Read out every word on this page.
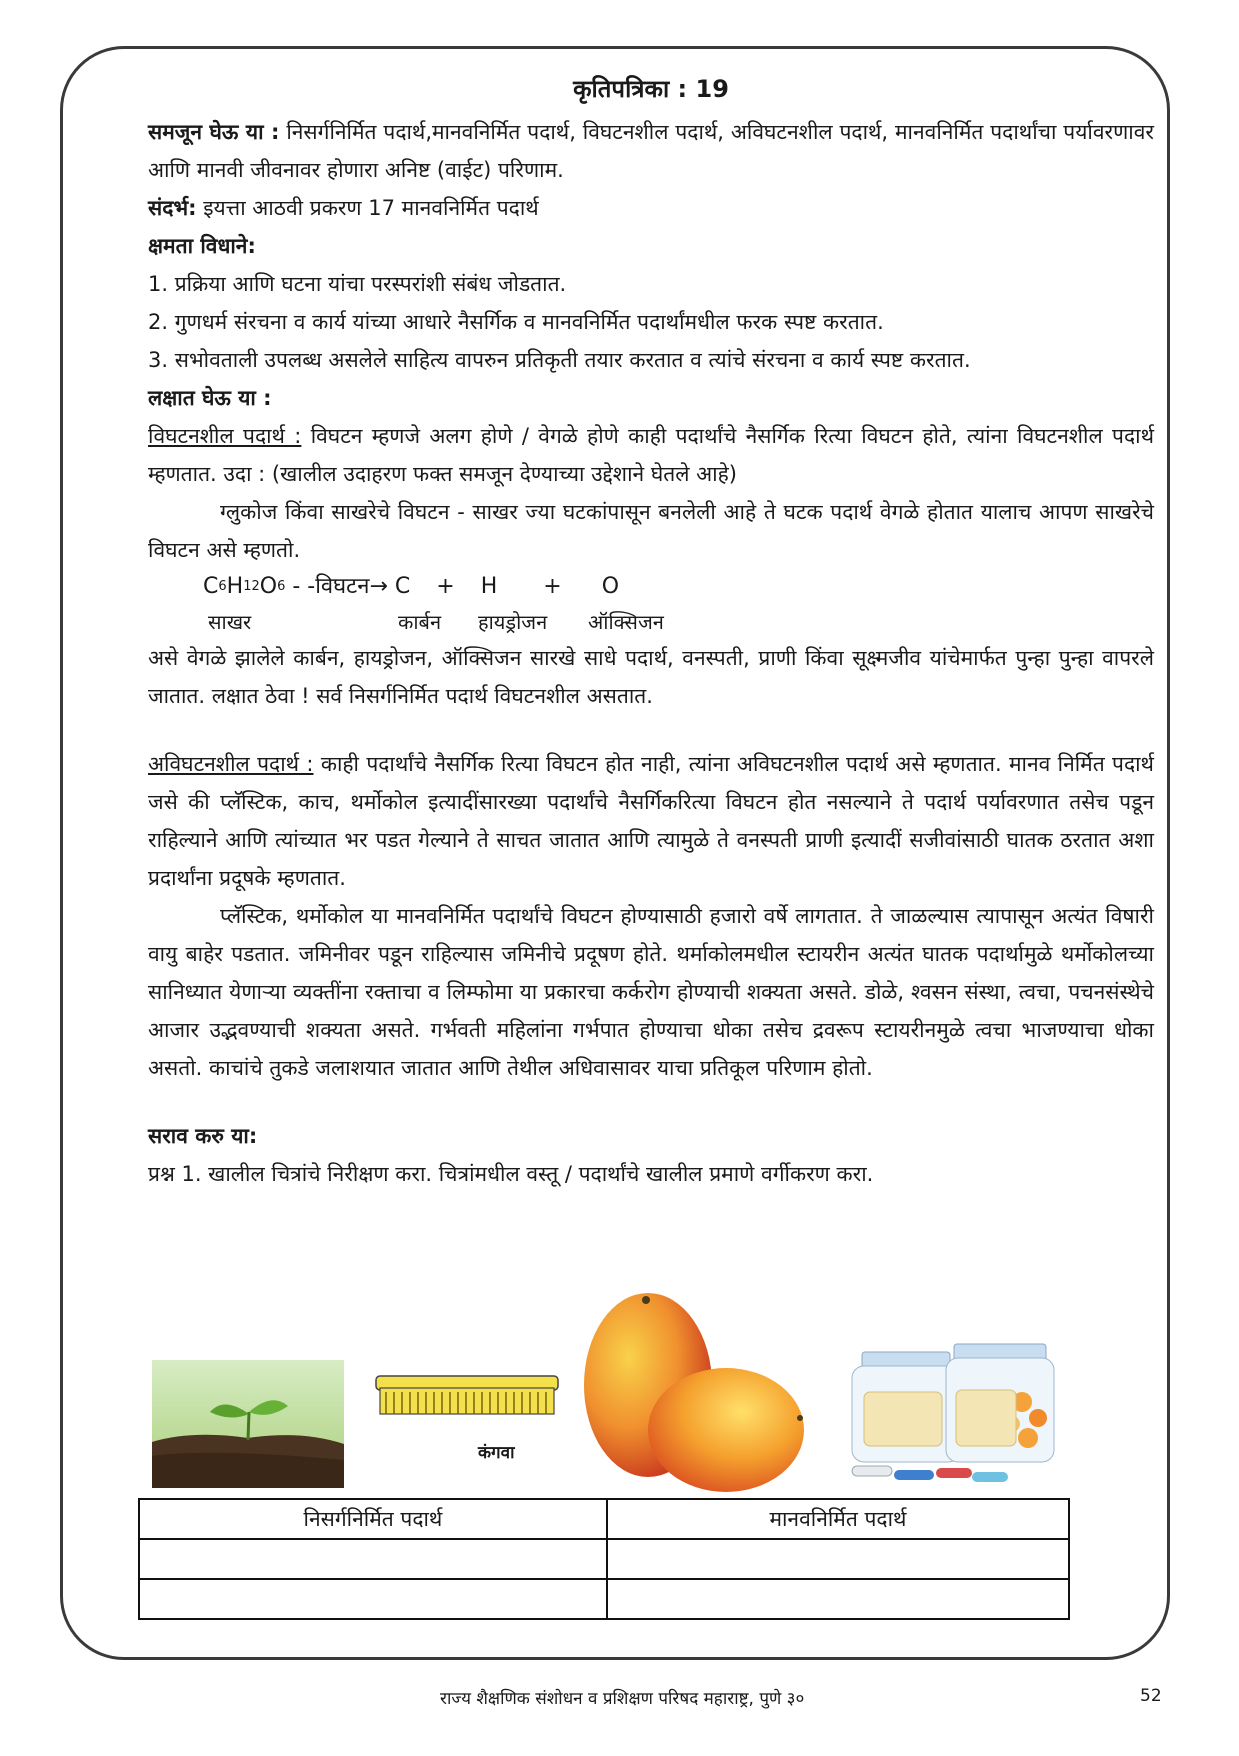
कृतिपत्रिका : 19

समजून घेऊ या : निसर्गनिर्मित पदार्थ,मानवनिर्मित पदार्थ, विघटनशील पदार्थ, अविघटनशील पदार्थ, मानवनिर्मित पदार्थांचा पर्यावरणावर आणि मानवी जीवनावर होणारा अनिष्ट (वाईट) परिणाम.

संदर्भ: इयत्ता आठवी प्रकरण 17 मानवनिर्मित पदार्थ

क्षमता विधाने:

1. प्रक्रिया आणि घटना यांचा परस्परांशी संबंध जोडतात.

2. गुणधर्म संरचना व कार्य यांच्या आधारे नैसर्गिक व मानवनिर्मित पदार्थांमधील फरक स्पष्ट करतात.

3. सभोवताली उपलब्ध असलेले साहित्य वापरुन प्रतिकृती तयार करतात व त्यांचे संरचना व कार्य स्पष्ट करतात.

लक्षात घेऊ या :

विघटनशील पदार्थ : विघटन म्हणजे अलग होणे / वेगळे होणे काही पदार्थांचे नैसर्गिक रित्या विघटन होते, त्यांना विघटनशील पदार्थ म्हणतात. उदा : (खालील उदाहरण फक्त समजून देण्याच्या उद्देशाने घेतले आहे)

ग्लुकोज किंवा साखरेचे विघटन - साखर ज्या घटकांपासून बनलेली आहे ते घटक पदार्थ वेगळे होतात यालाच आपण साखरेचे विघटन असे म्हणतो.

C 6 H 12 O 6 - -विघटन→ C + H + O
साखर	कार्बन	हायड्रोजन	ऑक्सिजन

असे वेगळे झालेले कार्बन, हायड्रोजन, ऑक्सिजन सारखे साधे पदार्थ, वनस्पती, प्राणी किंवा सूक्ष्मजीव यांचेमार्फत पुन्हा पुन्हा वापरले जातात. लक्षात ठेवा ! सर्व निसर्गनिर्मित पदार्थ विघटनशील असतात.

अविघटनशील पदार्थ : काही पदार्थांचे नैसर्गिक रित्या विघटन होत नाही, त्यांना अविघटनशील पदार्थ असे म्हणतात. मानव निर्मित पदार्थ जसे की प्लॅस्टिक, काच, थर्मोकोल इत्यादींसारख्या पदार्थांचे नैसर्गिकरित्या विघटन होत नसल्याने ते पदार्थ पर्यावरणात तसेच पडून राहिल्याने आणि त्यांच्यात भर पडत गेल्याने ते साचत जातात आणि त्यामुळे ते वनस्पती प्राणी इत्यादीं सजीवांसाठी घातक ठरतात अशा प्रदार्थांना प्रदूषके म्हणतात.

प्लॅस्टिक, थर्मोकोल या मानवनिर्मित पदार्थांचे विघटन होण्यासाठी हजारो वर्षे लागतात. ते जाळल्यास त्यापासून अत्यंत विषारी वायु बाहेर पडतात. जमिनीवर पडून राहिल्यास जमिनीचे प्रदूषण होते. थर्माकोलमधील स्टायरीन अत्यंत घातक पदार्थामुळे थर्मोकोलच्या सानिध्यात येणाऱ्या व्यक्तींना रक्ताचा व लिम्फोमा या प्रकारचा कर्करोग होण्याची शक्यता असते. डोळे, श्वसन संस्था, त्वचा, पचनसंस्थेचे आजार उद्भवण्याची शक्यता असते. गर्भवती महिलांना गर्भपात होण्याचा धोका तसेच द्रवरूप स्टायरीनमुळे त्वचा भाजण्याचा धोका असतो. काचांचे तुकडे जलाशयात जातात आणि तेथील अधिवासावर याचा प्रतिकूल परिणाम होतो.

सराव करु या:

प्रश्न 1. खालील चित्रांचे निरीक्षण करा. चित्रांमधील वस्तू / पदार्थांचे खालील प्रमाणे वर्गीकरण करा.

कंगवा
निसर्गनिर्मित पदार्थ	मानवनिर्मित पदार्थ

राज्य शैक्षणिक संशोधन व प्रशिक्षण परिषद महाराष्ट्र, पुणे ३०	52
